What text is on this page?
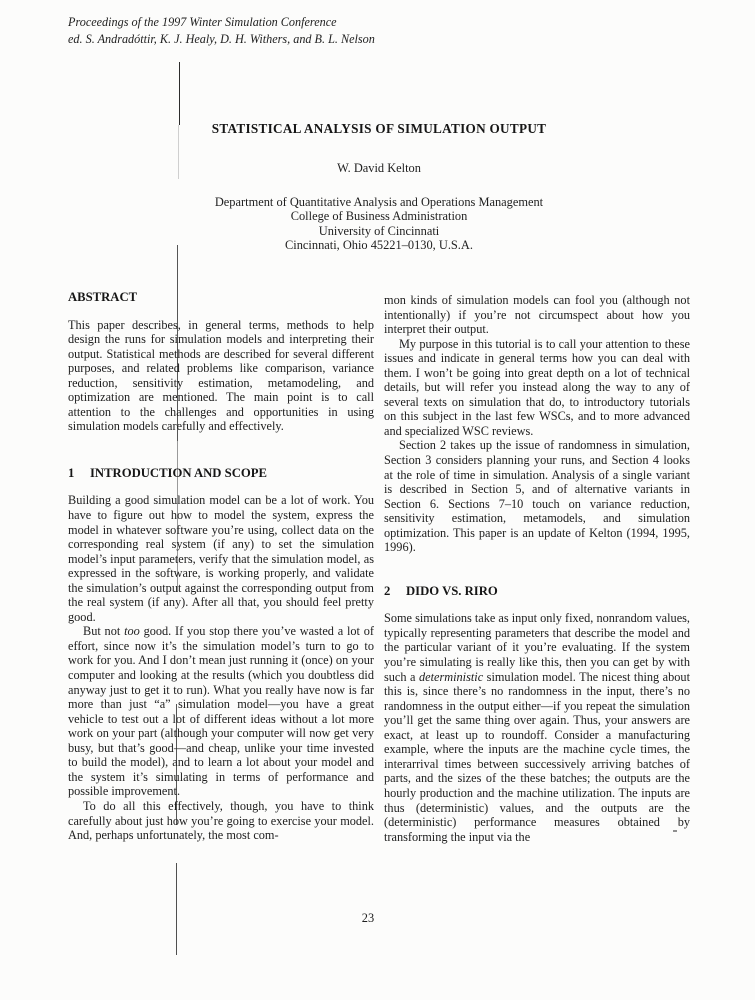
Proceedings of the 1997 Winter Simulation Conference
ed. S. Andradóttir, K. J. Healy, D. H. Withers, and B. L. Nelson
STATISTICAL ANALYSIS OF SIMULATION OUTPUT
W. David Kelton
Department of Quantitative Analysis and Operations Management
College of Business Administration
University of Cincinnati
Cincinnati, Ohio 45221–0130, U.S.A.
ABSTRACT

This paper describes, in general terms, methods to help design the runs for simulation models and interpreting their output. Statistical methods are described for several different purposes, and related problems like comparison, variance reduction, sensitivity estimation, metamodeling, and optimization are mentioned. The main point is to call attention to the challenges and opportunities in using simulation models carefully and effectively.

1 INTRODUCTION AND SCOPE

Building a good simulation model can be a lot of work. You have to figure out how to model the system, express the model in whatever software you’re using, collect data on the corresponding real system (if any) to set the simulation model’s input parameters, verify that the simulation model, as expressed in the software, is working properly, and validate the simulation’s output against the corresponding output from the real system (if any). After all that, you should feel pretty good.

But not too good. If you stop there you’ve wasted a lot of effort, since now it’s the simulation model’s turn to go to work for you. And I don’t mean just running it (once) on your computer and looking at the results (which you doubtless did anyway just to get it to run). What you really have now is far more than just “a” simulation model—you have a great vehicle to test out a lot of different ideas without a lot more work on your part (although your computer will now get very busy, but that’s good—and cheap, unlike your time invested to build the model), and to learn a lot about your model and the system it’s simulating in terms of performance and possible improvement.

To do all this effectively, though, you have to think carefully about just how you’re going to exercise your model. And, perhaps unfortunately, the most com-

mon kinds of simulation models can fool you (although not intentionally) if you’re not circumspect about how you interpret their output.

My purpose in this tutorial is to call your attention to these issues and indicate in general terms how you can deal with them. I won’t be going into great depth on a lot of technical details, but will refer you instead along the way to any of several texts on simulation that do, to introductory tutorials on this subject in the last few WSCs, and to more advanced and specialized WSC reviews.

Section 2 takes up the issue of randomness in simulation, Section 3 considers planning your runs, and Section 4 looks at the role of time in simulation. Analysis of a single variant is described in Section 5, and of alternative variants in Section 6. Sections 7–10 touch on variance reduction, sensitivity estimation, metamodels, and simulation optimization. This paper is an update of Kelton (1994, 1995, 1996).

2 DIDO VS. RIRO

Some simulations take as input only fixed, nonrandom values, typically representing parameters that describe the model and the particular variant of it you’re evaluating. If the system you’re simulating is really like this, then you can get by with such a deterministic simulation model. The nicest thing about this is, since there’s no randomness in the input, there’s no randomness in the output either—if you repeat the simulation you’ll get the same thing over again. Thus, your answers are exact, at least up to roundoff. Consider a manufacturing example, where the inputs are the machine cycle times, the interarrival times between successively arriving batches of parts, and the sizes of the these batches; the outputs are the hourly production and the machine utilization. The inputs are thus (deterministic) values, and the outputs are the (deterministic) performance measures obtained by transforming the input via the

23
